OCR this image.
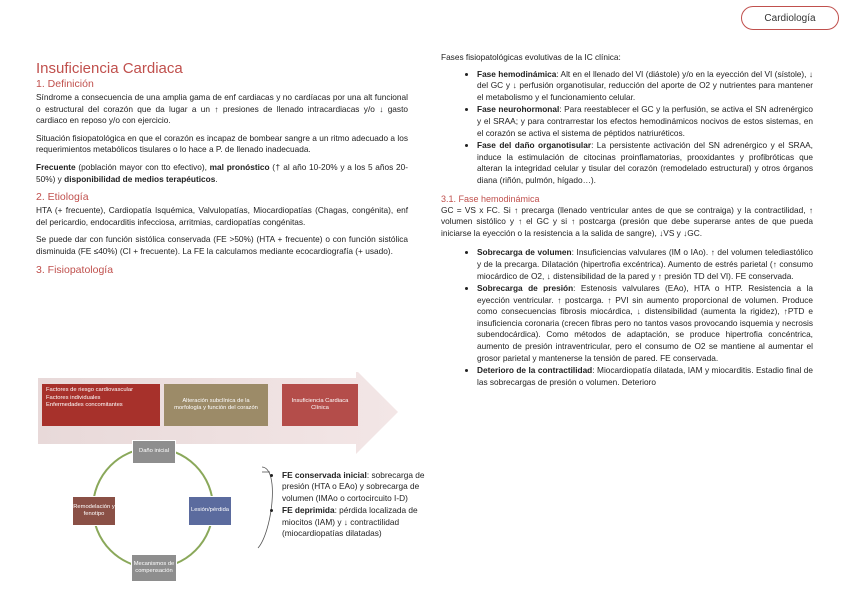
Cardiología
Insuficiencia Cardiaca
1. Definición

Síndrome a consecuencia de una amplia gama de enf cardiacas y no cardíacas por una alt funcional o estructural del corazón que da lugar a un ↑ presiones de llenado intracardiacas y/o ↓ gasto cardiaco en reposo y/o con ejercicio.

Situación fisiopatológica en que el corazón es incapaz de bombear sangre a un ritmo adecuado a los requerimientos metabólicos tisulares o lo hace a P. de llenado inadecuada.

Frecuente (población mayor con tto efectivo), mal pronóstico († al año 10-20% y a los 5 años 20-50%) y disponibilidad de medios terapéuticos.

2. Etiología

HTA (+ frecuente), Cardiopatía Isquémica, Valvulopatías, Miocardiopatías (Chagas, congénita), enf del pericardio, endocarditis infecciosa, arritmias, cardiopatías congénitas.

Se puede dar con función sistólica conservada (FE >50%) (HTA + frecuente) o con función sistólica disminuida (FE ≤40%) (CI + frecuente). La FE la calculamos mediante ecocardiografía (+ usado).

3. Fisiopatología
Factores de riesgo cardiovascular
Factores individuales
Enfermedades concomitantes
Alteración subclínica de la morfología y función del corazón
Insuficiencia Cardiaca Clínica
Daño inicial
Lesión/pérdida
Mecanismos de compensación
Remodelación y fenotipo
• FE conservada inicial: sobrecarga de presión (HTA o EAo) y sobrecarga de volumen (IMAo o cortocircuito I-D)
• FE deprimida: pérdida localizada de miocitos (IAM) y ↓ contractilidad (miocardiopatías dilatadas)

Fases fisiopatológicas evolutivas de la IC clínica:

• Fase hemodinámica: Alt en el llenado del VI (diástole) y/o en la eyección del VI (sístole), ↓ del GC y ↓ perfusión organotisular, reducción del aporte de O2 y nutrientes para mantener el metabolismo y el funcionamiento celular.
• Fase neurohormonal: Para reestablecer el GC y la perfusión, se activa el SN adrenérgico y el SRAA; y para contrarrestar los efectos hemodinámicos nocivos de estos sistemas, en el corazón se activa el sistema de péptidos natriuréticos.
• Fase del daño organotisular: La persistente activación del SN adrenérgico y el SRAA, induce la estimulación de citocinas proinflamatorias, prooxidantes y profibróticas que alteran la integridad celular y tisular del corazón (remodelado estructural) y otros órganos diana (riñón, pulmón, hígado…).
3.1. Fase hemodinámica

GC = VS x FC. Si ↑ precarga (llenado ventricular antes de que se contraiga) y la contractilidad, ↑ volumen sistólico y ↑ el GC y si ↑ postcarga (presión que debe superarse antes de que pueda iniciarse la eyección o la resistencia a la salida de sangre), ↓VS y ↓GC.

• Sobrecarga de volumen: Insuficiencias valvulares (IM o IAo). ↑ del volumen telediastólico y de la precarga. Dilatación (hipertrofia excéntrica). Aumento de estrés parietal (↑ consumo miocárdico de O2, ↓ distensibilidad de la pared y ↑ presión TD del VI). FE conservada.
• Sobrecarga de presión: Estenosis valvulares (EAo), HTA o HTP. Resistencia a la eyección ventricular. ↑ postcarga. ↑ PVI sin aumento proporcional de volumen. Produce como consecuencias fibrosis miocárdica, ↓ distensibilidad (aumenta la rigidez), ↑PTD e insuficiencia coronaria (crecen fibras pero no tantos vasos provocando isquemia y necrosis subendocárdica). Como métodos de adaptación, se produce hipertrofia concéntrica, aumento de presión intraventricular, pero el consumo de O2 se mantiene al aumentar el grosor parietal y mantenerse la tensión de pared. FE conservada.
• Deterioro de la contractilidad: Miocardiopatía dilatada, IAM y miocarditis. Estadio final de las sobrecargas de presión o volumen. Deterioro
